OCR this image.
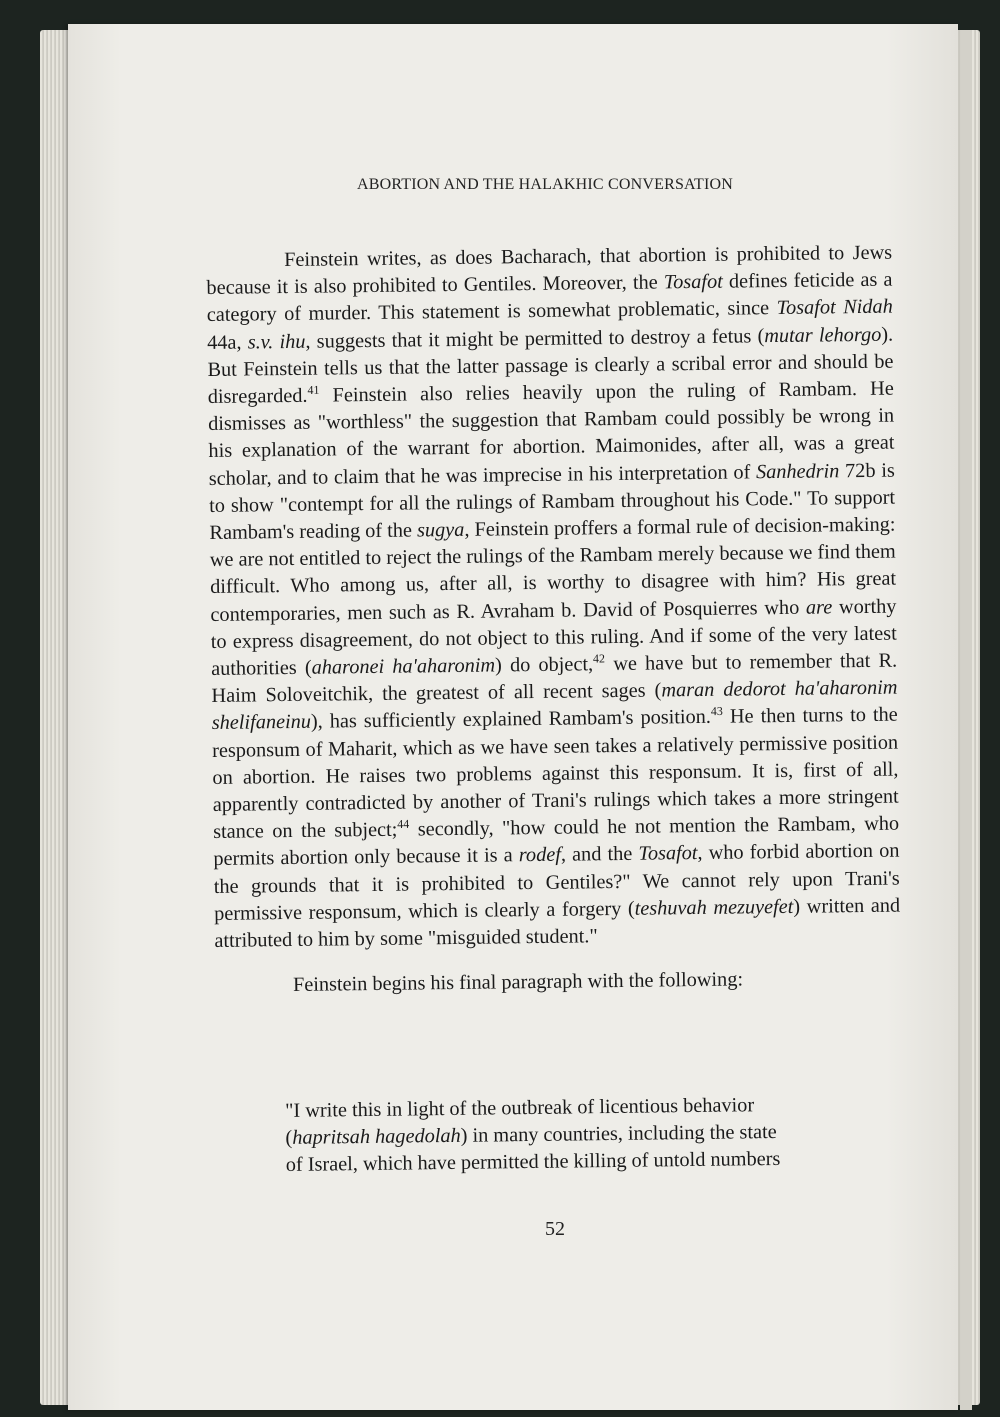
ABORTION AND THE HALAKHIC CONVERSATION

Feinstein writes, as does Bacharach, that abortion is prohibited to Jews because it is also prohibited to Gentiles. Moreover, the Tosafot defines feticide as a category of murder. This statement is somewhat problematic, since Tosafot Nidah 44a, s.v. ihu, suggests that it might be permitted to destroy a fetus (mutar lehorgo). But Feinstein tells us that the latter passage is clearly a scribal error and should be disregarded.$^{41}$ Feinstein also relies heavily upon the ruling of Rambam. He dismisses as "worthless" the suggestion that Rambam could possibly be wrong in his explanation of the warrant for abortion. Maimonides, after all, was a great scholar, and to claim that he was imprecise in his interpretation of Sanhedrin 72b is to show "contempt for all the rulings of Rambam throughout his Code." To support Rambam's reading of the sugya, Feinstein proffers a formal rule of decision-making: we are not entitled to reject the rulings of the Rambam merely because we find them difficult. Who among us, after all, is worthy to disagree with him? His great contemporaries, men such as R. Avraham b. David of Posquierres who are worthy to express disagreement, do not object to this ruling. And if some of the very latest authorities (aharonei ha'aharonim) do object,$^{42}$ we have but to remember that R. Haim Soloveitchik, the greatest of all recent sages (maran dedorot ha'aharonim shelifaneinu), has sufficiently explained Rambam's position.$^{43}$ He then turns to the responsum of Maharit, which as we have seen takes a relatively permissive position on abortion. He raises two problems against this responsum. It is, first of all, apparently contradicted by another of Trani's rulings which takes a more stringent stance on the subject;$^{44}$ secondly, "how could he not mention the Rambam, who permits abortion only because it is a rodef, and the Tosafot, who forbid abortion on the grounds that it is prohibited to Gentiles?" We cannot rely upon Trani's permissive responsum, which is clearly a forgery (teshuvah mezuyefet) written and attributed to him by some "misguided student."

Feinstein begins his final paragraph with the following:

"I write this in light of the outbreak of licentious behavior

(hapritsah hagedolah) in many countries, including the state

of Israel, which have permitted the killing of untold numbers

52
